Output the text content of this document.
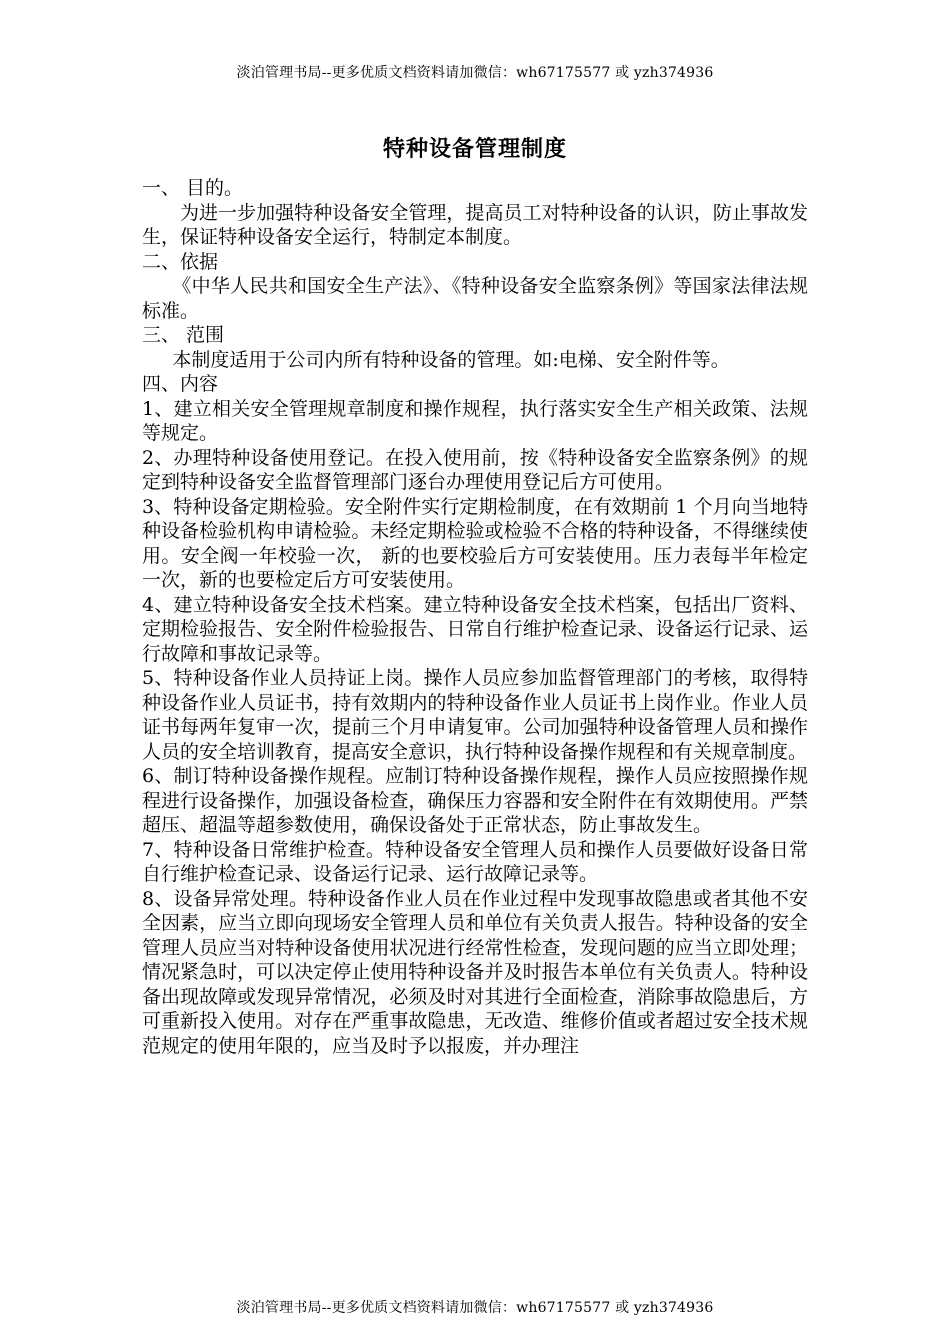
淡泊管理书局--更多优质文档资料请加微信：wh67175577 或 yzh374936
特种设备管理制度

一、 目的。

为进一步加强特种设备安全管理，提高员工对特种设备的认识，防止事故发生，保证特种设备安全运行，特制定本制度。

二、依据

《中华人民共和国安全生产法》、《特种设备安全监察条例》等国家法律法规标准。

三、 范围

本制度适用于公司内所有特种设备的管理。如:电梯、安全附件等。

四、内容

1、建立相关安全管理规章制度和操作规程，执行落实安全生产相关政策、法规等规定。

2、办理特种设备使用登记。在投入使用前，按《特种设备安全监察条例》的规定到特种设备安全监督管理部门逐台办理使用登记后方可使用。

3、特种设备定期检验。安全附件实行定期检制度，在有效期前 1 个月向当地特种设备检验机构申请检验。未经定期检验或检验不合格的特种设备，不得继续使用。安全阀一年校验一次， 新的也要校验后方可安装使用。压力表每半年检定一次，新的也要检定后方可安装使用。

4、建立特种设备安全技术档案。建立特种设备安全技术档案，包括出厂资料、定期检验报告、安全附件检验报告、日常自行维护检查记录、设备运行记录、运行故障和事故记录等。

5、特种设备作业人员持证上岗。操作人员应参加监督管理部门的考核，取得特种设备作业人员证书，持有效期内的特种设备作业人员证书上岗作业。作业人员证书每两年复审一次，提前三个月申请复审。公司加强特种设备管理人员和操作人员的安全培训教育，提高安全意识，执行特种设备操作规程和有关规章制度。

6、制订特种设备操作规程。应制订特种设备操作规程，操作人员应按照操作规程进行设备操作，加强设备检查，确保压力容器和安全附件在有效期使用。严禁超压、超温等超参数使用，确保设备处于正常状态，防止事故发生。

7、特种设备日常维护检查。特种设备安全管理人员和操作人员要做好设备日常自行维护检查记录、设备运行记录、运行故障记录等。

8、设备异常处理。特种设备作业人员在作业过程中发现事故隐患或者其他不安全因素，应当立即向现场安全管理人员和单位有关负责人报告。特种设备的安全管理人员应当对特种设备使用状况进行经常性检查，发现问题的应当立即处理；情况紧急时，可以决定停止使用特种设备并及时报告本单位有关负责人。特种设备出现故障或发现异常情况，必须及时对其进行全面检查，消除事故隐患后，方可重新投入使用。对存在严重事故隐患，无改造、维修价值或者超过安全技术规范规定的使用年限的，应当及时予以报废，并办理注

淡泊管理书局--更多优质文档资料请加微信：wh67175577 或 yzh374936
